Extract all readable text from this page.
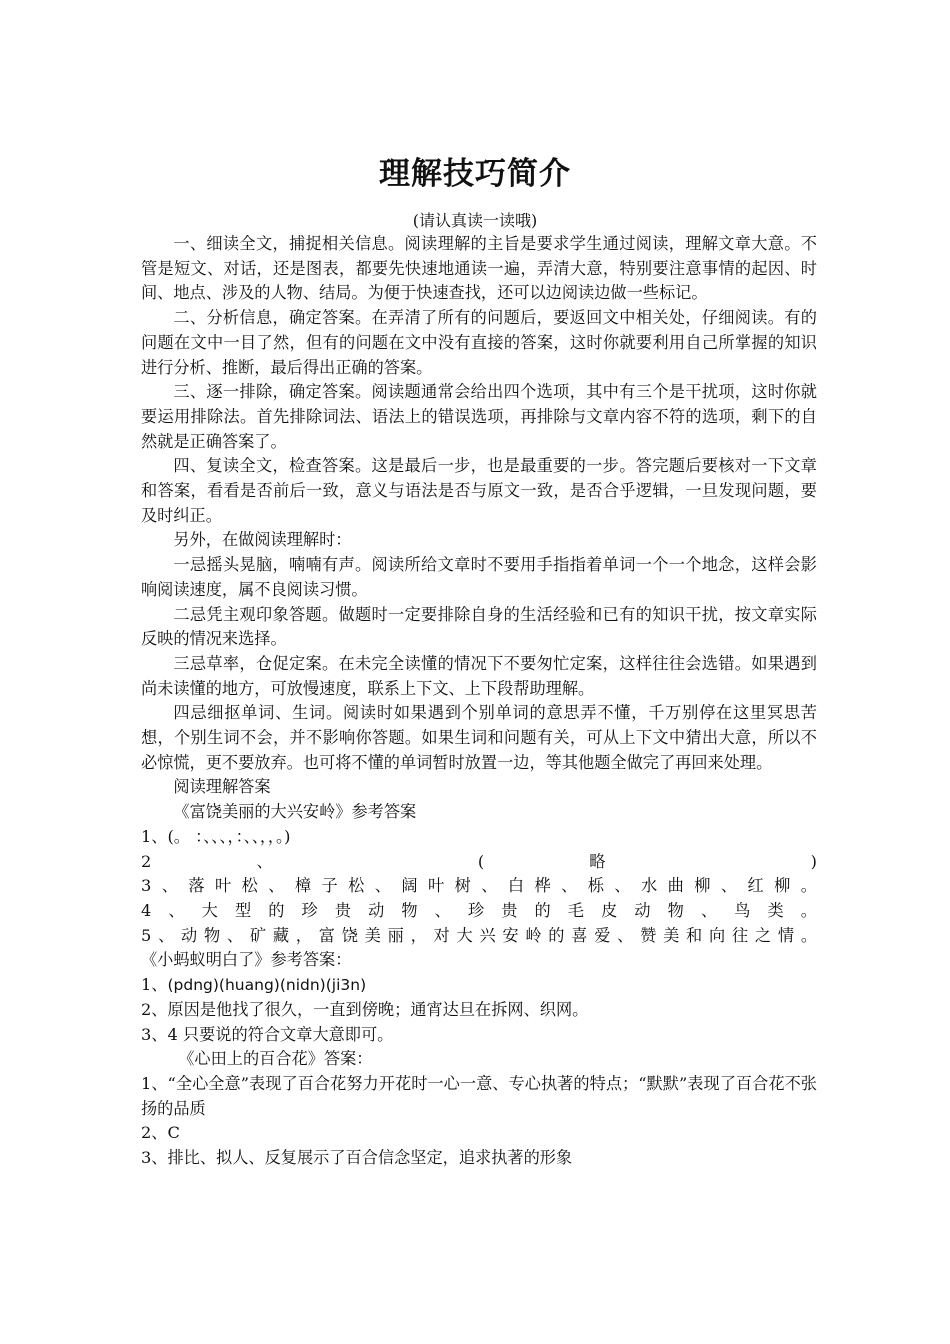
理解技巧简介
(请认真读一读哦)

一、细读全文，捕捉相关信息。阅读理解的主旨是要求学生通过阅读，理解文章大意。不管是短文、对话，还是图表，都要先快速地通读一遍，弄清大意，特别要注意事情的起因、时间、地点、涉及的人物、结局。为便于快速查找，还可以边阅读边做一些标记。

二、分析信息，确定答案。在弄清了所有的问题后，要返回文中相关处，仔细阅读。有的问题在文中一目了然，但有的问题在文中没有直接的答案，这时你就要利用自己所掌握的知识进行分析、推断，最后得出正确的答案。

三、逐一排除，确定答案。阅读题通常会给出四个选项，其中有三个是干扰项，这时你就要运用排除法。首先排除词法、语法上的错误选项，再排除与文章内容不符的选项，剩下的自然就是正确答案了。

四、复读全文，检查答案。这是最后一步，也是最重要的一步。答完题后要核对一下文章和答案，看看是否前后一致，意义与语法是否与原文一致，是否合乎逻辑，一旦发现问题，要及时纠正。

另外，在做阅读理解时：

一忌摇头晃脑，喃喃有声。阅读所给文章时不要用手指指着单词一个一个地念，这样会影响阅读速度，属不良阅读习惯。

二忌凭主观印象答题。做题时一定要排除自身的生活经验和已有的知识干扰，按文章实际反映的情况来选择。

三忌草率，仓促定案。在未完全读懂的情况下不要匆忙定案，这样往往会选错。如果遇到尚未读懂的地方，可放慢速度，联系上下文、上下段帮助理解。

四忌细抠单词、生词。阅读时如果遇到个别单词的意思弄不懂，千万别停在这里冥思苦想，个别生词不会，并不影响你答题。如果生词和问题有关，可从上下文中猜出大意，所以不必惊慌，更不要放弃。也可将不懂的单词暂时放置一边，等其他题全做完了再回来处理。

阅读理解答案

《富饶美丽的大兴安岭》参考答案

1、(。 ：、、、，：、、，，。)

2 、 ( 略 )

3、落叶松、樟子松、阔叶树、白桦、栎、水曲柳、红柳。

4、大型的珍贵动物、珍贵的毛皮动物、鸟类。

5、动物、矿藏，富饶美丽，对大兴安岭的喜爱、赞美和向往之情。

《小蚂蚁明白了》参考答案：

1、(pdng)(huang)(nidn)(ji3n)

2、原因是他找了很久，一直到傍晚；通宵达旦在拆网、织网。

3、4 只要说的符合文章大意即可。

《心田上的百合花》答案：

1、“全心全意”表现了百合花努力开花时一心一意、专心执著的特点；“默默”表现了百合花不张扬的品质

2、C

3、排比、拟人、反复展示了百合信念坚定，追求执著的形象
